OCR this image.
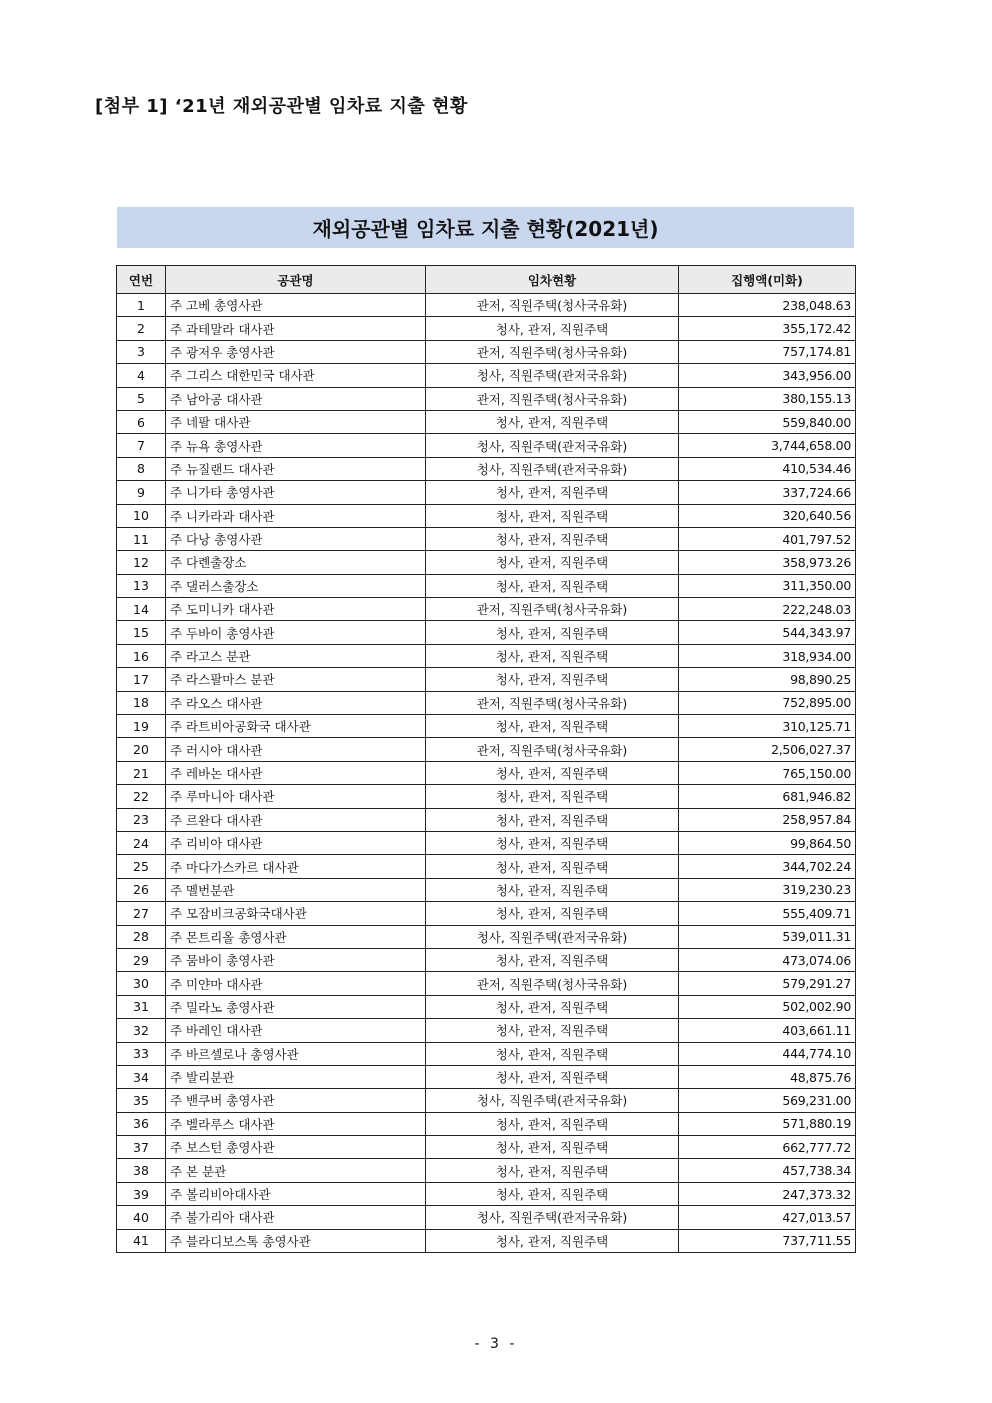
[첨부 1] ‘21년 재외공관별 임차료 지출 현황
재외공관별 임차료 지출 현황(2021년)
연번	공관명	임차현황	집행액(미화)
1	주 고베 총영사관	관저, 직원주택(청사국유화)	238,048.63
2	주 과테말라 대사관	청사, 관저, 직원주택	355,172.42
3	주 광저우 총영사관	관저, 직원주택(청사국유화)	757,174.81
4	주 그리스 대한민국 대사관	청사, 직원주택(관저국유화)	343,956.00
5	주 남아공 대사관	관저, 직원주택(청사국유화)	380,155.13
6	주 네팔 대사관	청사, 관저, 직원주택	559,840.00
7	주 뉴욕 총영사관	청사, 직원주택(관저국유화)	3,744,658.00
8	주 뉴질랜드 대사관	청사, 직원주택(관저국유화)	410,534.46
9	주 니가타 총영사관	청사, 관저, 직원주택	337,724.66
10	주 니카라과 대사관	청사, 관저, 직원주택	320,640.56
11	주 다낭 총영사관	청사, 관저, 직원주택	401,797.52
12	주 다롄출장소	청사, 관저, 직원주택	358,973.26
13	주 댈러스출장소	청사, 관저, 직원주택	311,350.00
14	주 도미니카 대사관	관저, 직원주택(청사국유화)	222,248.03
15	주 두바이 총영사관	청사, 관저, 직원주택	544,343.97
16	주 라고스 분관	청사, 관저, 직원주택	318,934.00
17	주 라스팔마스 분관	청사, 관저, 직원주택	98,890.25
18	주 라오스 대사관	관저, 직원주택(청사국유화)	752,895.00
19	주 라트비아공화국 대사관	청사, 관저, 직원주택	310,125.71
20	주 러시아 대사관	관저, 직원주택(청사국유화)	2,506,027.37
21	주 레바논 대사관	청사, 관저, 직원주택	765,150.00
22	주 루마니아 대사관	청사, 관저, 직원주택	681,946.82
23	주 르완다 대사관	청사, 관저, 직원주택	258,957.84
24	주 리비아 대사관	청사, 관저, 직원주택	99,864.50
25	주 마다가스카르 대사관	청사, 관저, 직원주택	344,702.24
26	주 멜번분관	청사, 관저, 직원주택	319,230.23
27	주 모잠비크공화국대사관	청사, 관저, 직원주택	555,409.71
28	주 몬트리올 총영사관	청사, 직원주택(관저국유화)	539,011.31
29	주 뭄바이 총영사관	청사, 관저, 직원주택	473,074.06
30	주 미얀마 대사관	관저, 직원주택(청사국유화)	579,291.27
31	주 밀라노 총영사관	청사, 관저, 직원주택	502,002.90
32	주 바레인 대사관	청사, 관저, 직원주택	403,661.11
33	주 바르셀로나 총영사관	청사, 관저, 직원주택	444,774.10
34	주 발리분관	청사, 관저, 직원주택	48,875.76
35	주 밴쿠버 총영사관	청사, 직원주택(관저국유화)	569,231.00
36	주 벨라루스 대사관	청사, 관저, 직원주택	571,880.19
37	주 보스턴 총영사관	청사, 관저, 직원주택	662,777.72
38	주 본 분관	청사, 관저, 직원주택	457,738.34
39	주 볼리비아대사관	청사, 관저, 직원주택	247,373.32
40	주 불가리아 대사관	청사, 직원주택(관저국유화)	427,013.57
41	주 블라디보스톡 총영사관	청사, 관저, 직원주택	737,711.55
- 3 -
